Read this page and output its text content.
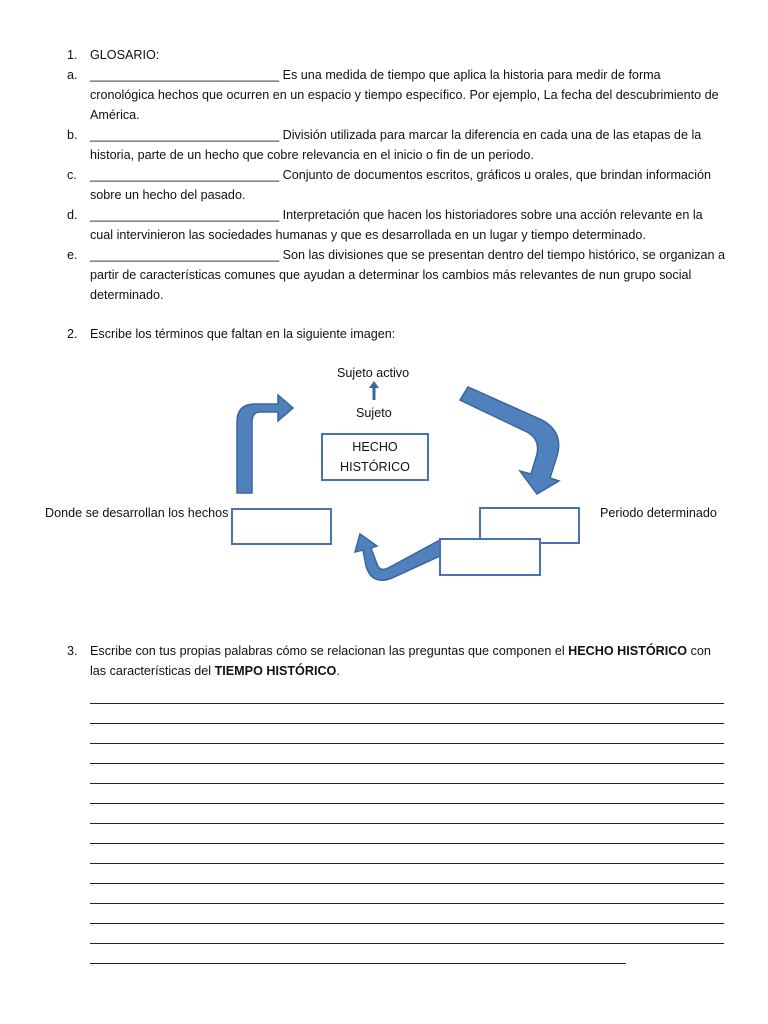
1. GLOSARIO:
a. ___________________________ Es una medida de tiempo que aplica la historia para medir de forma cronológica hechos que ocurren en un espacio y tiempo específico. Por ejemplo, La fecha del descubrimiento de América.
b. ___________________________ División utilizada para marcar la diferencia en cada una de las etapas de la historia, parte de un hecho que cobre relevancia en el inicio o fin de un periodo.
c. ___________________________ Conjunto de documentos escritos, gráficos u orales, que brindan información sobre un hecho del pasado.
d. ___________________________ Interpretación que hacen los historiadores sobre una acción relevante en la cual intervinieron las sociedades humanas y que es desarrollada en un lugar y tiempo determinado.
e. ___________________________ Son las divisiones que se presentan dentro del tiempo histórico, se organizan a partir de características comunes que ayudan a determinar los cambios más relevantes de nun grupo social determinado.
2. Escribe los términos que faltan en la siguiente imagen:
Sujeto activo
Sujeto
HECHO
HISTÓRICO
Donde se desarrollan los hechos	Periodo determinado
3. Escribe con tus propias palabras cómo se relacionan las preguntas que componen el HECHO HISTÓRICO con las características del TIEMPO HISTÓRICO.
